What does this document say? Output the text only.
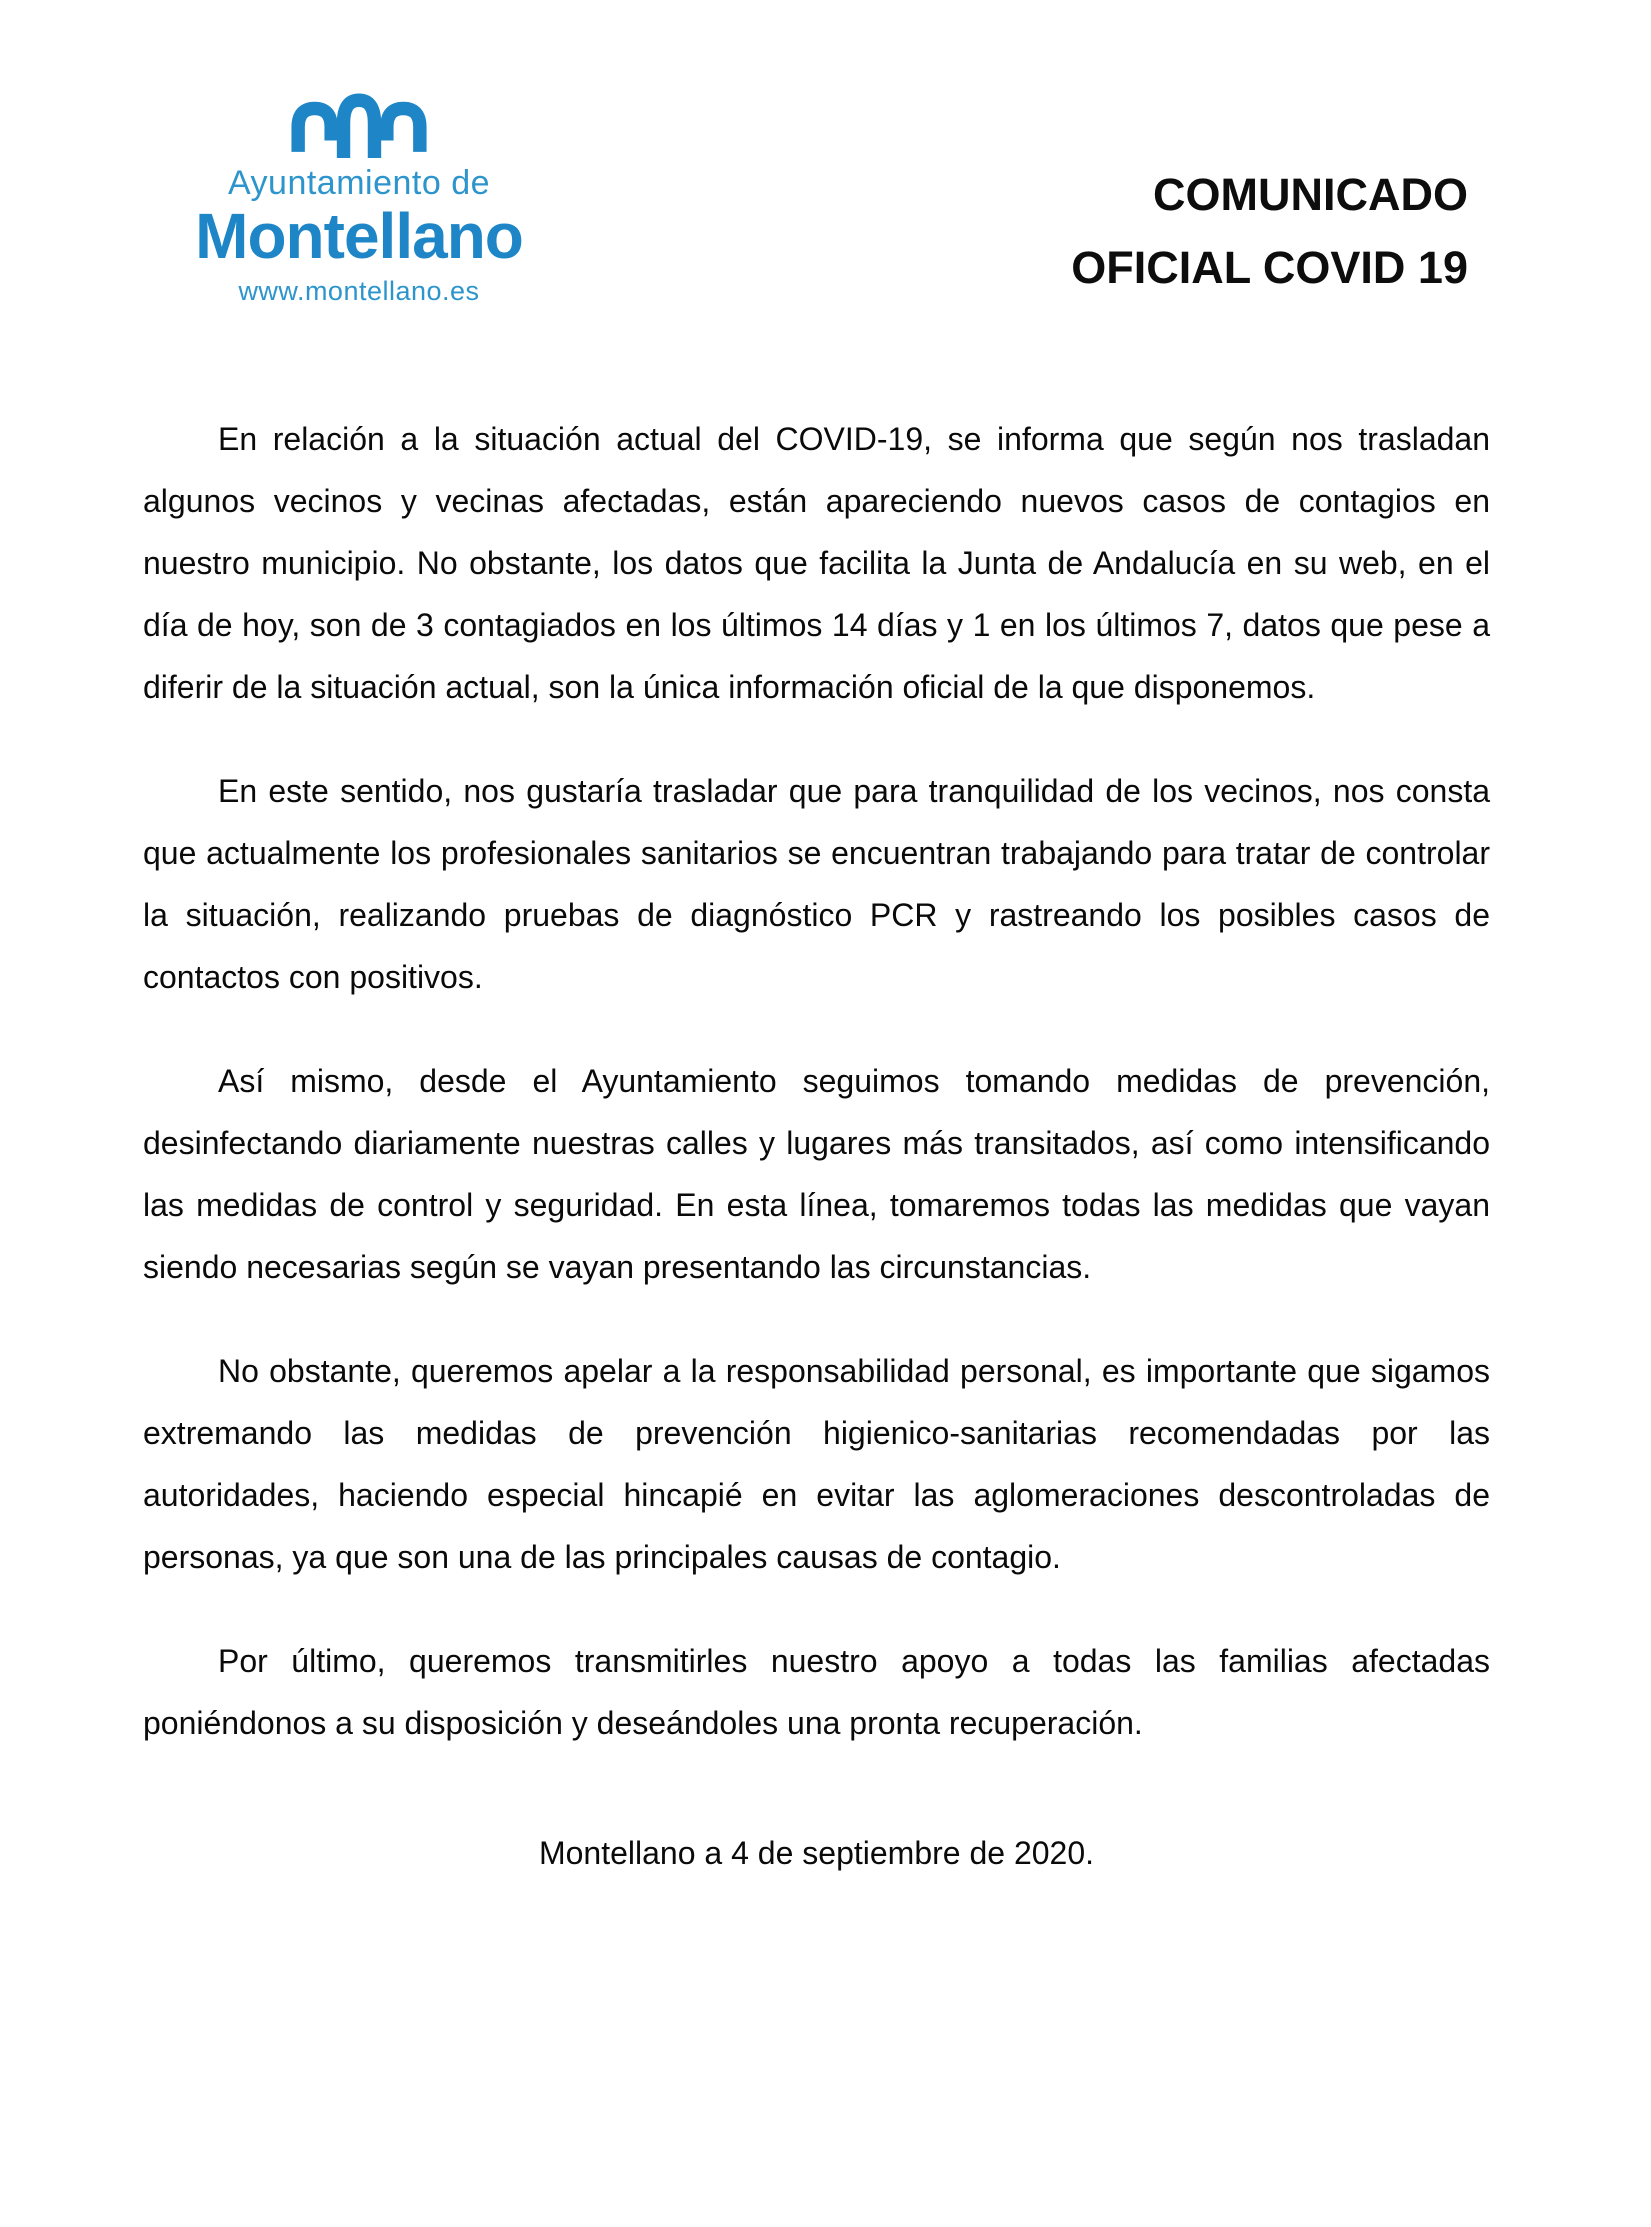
Ayuntamiento de
Montellano
www.montellano.es
COMUNICADO
OFICIAL COVID 19

En relación a la situación actual del COVID-19, se informa que según nos trasladan algunos vecinos y vecinas afectadas, están apareciendo nuevos casos de contagios en nuestro municipio. No obstante, los datos que facilita la Junta de Andalucía en su web, en el día de hoy, son de 3 contagiados en los últimos 14 días y 1 en los últimos 7, datos que pese a diferir de la situación actual, son la única información oficial de la que disponemos.

En este sentido, nos gustaría trasladar que para tranquilidad de los vecinos, nos consta que actualmente los profesionales sanitarios se encuentran trabajando para tratar de controlar la situación, realizando pruebas de diagnóstico PCR y rastreando los posibles casos de contactos con positivos.

Así mismo, desde el Ayuntamiento seguimos tomando medidas de prevención, desinfectando diariamente nuestras calles y lugares más transitados, así como intensificando las medidas de control y seguridad. En esta línea, tomaremos todas las medidas que vayan siendo necesarias según se vayan presentando las circunstancias.

No obstante, queremos apelar a la responsabilidad personal, es importante que sigamos extremando las medidas de prevención higienico-sanitarias recomendadas por las autoridades, haciendo especial hincapié en evitar las aglomeraciones descontroladas de personas, ya que son una de las principales causas de contagio.

Por último, queremos transmitirles nuestro apoyo a todas las familias afectadas poniéndonos a su disposición y deseándoles una pronta recuperación.

Montellano a 4 de septiembre de 2020.
